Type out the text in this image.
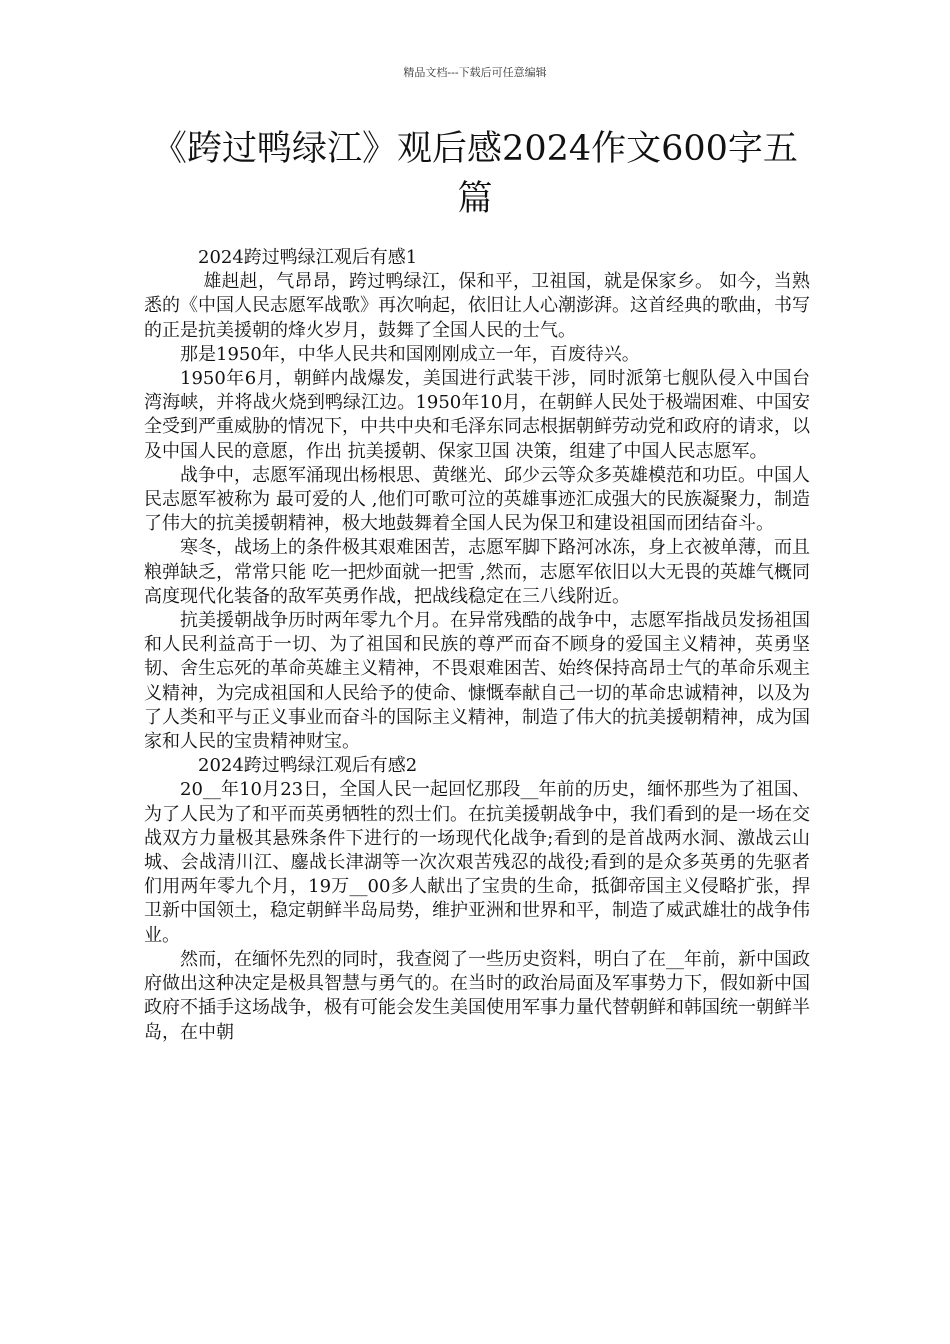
精品文档---下载后可任意编辑
《跨过鸭绿江》观后感2024作文600字五篇

2024跨过鸭绿江观后有感1

雄赳赳，气昂昂，跨过鸭绿江，保和平，卫祖国，就是保家乡。 如今，当熟悉的《中国人民志愿军战歌》再次响起，依旧让人心潮澎湃。这首经典的歌曲，书写的正是抗美援朝的烽火岁月，鼓舞了全国人民的士气。

那是1950年，中华人民共和国刚刚成立一年，百废待兴。

1950年6月，朝鲜内战爆发，美国进行武装干涉，同时派第七舰队侵入中国台湾海峡，并将战火烧到鸭绿江边。1950年10月，在朝鲜人民处于极端困难、中国安全受到严重威胁的情况下，中共中央和毛泽东同志根据朝鲜劳动党和政府的请求，以及中国人民的意愿，作出 抗美援朝、保家卫国 决策，组建了中国人民志愿军。

战争中，志愿军涌现出杨根思、黄继光、邱少云等众多英雄模范和功臣。中国人民志愿军被称为 最可爱的人 ,他们可歌可泣的英雄事迹汇成强大的民族凝聚力，制造了伟大的抗美援朝精神，极大地鼓舞着全国人民为保卫和建设祖国而团结奋斗。

寒冬，战场上的条件极其艰难困苦，志愿军脚下路河冰冻，身上衣被单薄，而且粮弹缺乏，常常只能 吃一把炒面就一把雪 ,然而，志愿军依旧以大无畏的英雄气概同高度现代化装备的敌军英勇作战，把战线稳定在三八线附近。

抗美援朝战争历时两年零九个月。在异常残酷的战争中，志愿军指战员发扬祖国和人民利益高于一切、为了祖国和民族的尊严而奋不顾身的爱国主义精神，英勇坚韧、舍生忘死的革命英雄主义精神，不畏艰难困苦、始终保持高昂士气的革命乐观主义精神，为完成祖国和人民给予的使命、慷慨奉献自己一切的革命忠诚精神，以及为了人类和平与正义事业而奋斗的国际主义精神，制造了伟大的抗美援朝精神，成为国家和人民的宝贵精神财宝。

2024跨过鸭绿江观后有感2

20__年10月23日，全国人民一起回忆那段__年前的历史，缅怀那些为了祖国、为了人民为了和平而英勇牺牲的烈士们。在抗美援朝战争中，我们看到的是一场在交战双方力量极其悬殊条件下进行的一场现代化战争;看到的是首战两水洞、激战云山城、会战清川江、鏖战长津湖等一次次艰苦残忍的战役;看到的是众多英勇的先驱者们用两年零九个月，19万__00多人献出了宝贵的生命，抵御帝国主义侵略扩张，捍卫新中国领土，稳定朝鲜半岛局势，维护亚洲和世界和平，制造了威武雄壮的战争伟业。

然而，在缅怀先烈的同时，我查阅了一些历史资料，明白了在__年前，新中国政府做出这种决定是极具智慧与勇气的。在当时的政治局面及军事势力下，假如新中国政府不插手这场战争，极有可能会发生美国使用军事力量代替朝鲜和韩国统一朝鲜半岛，在中朝
